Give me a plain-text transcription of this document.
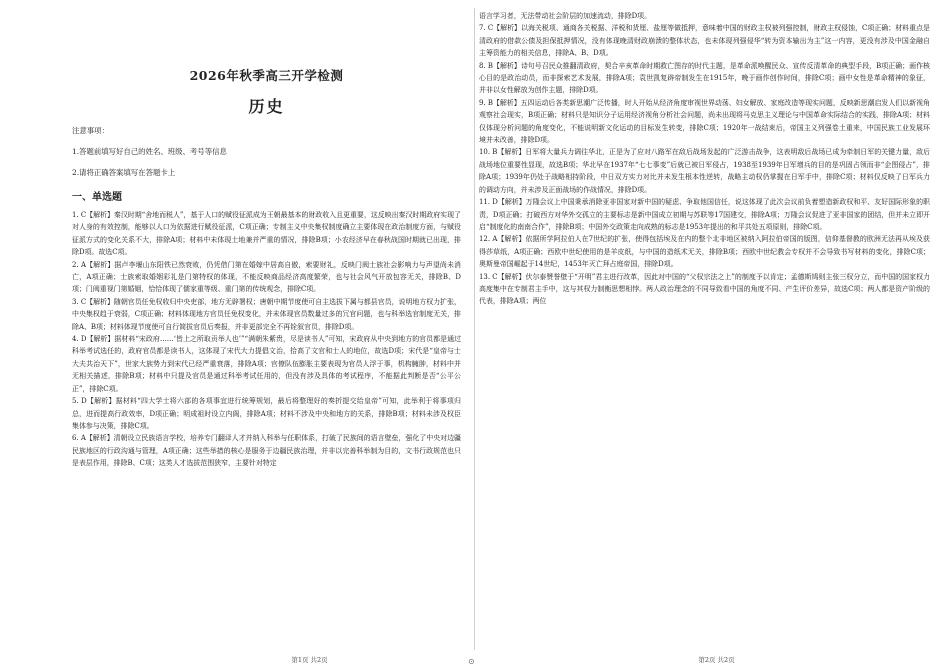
2026年秋季高三开学检测
历史

注意事项：

1.答题前填写好自己的姓名、班级、考号等信息

2.请将正确答案填写在答题卡上

一、单选题

1. C【解析】秦汉时期“舍地而税人”，基于人口的赋役征派成为王朝最基本的财政收入且更重要，这反映出秦汉时期政府实现了对人身的有效控制，能够以人口为依据进行赋役征派，C项正确；专制主义中央集权制度确立主要体现在政治制度方面，与赋役征派方式的变化关系不大，排除A项；材料中未体现土地兼并严重的情况，排除B项；小农经济早在春秋战国时期就已出现，排除D项。故选C项。

2. A【解析】据卢李堰山东阳铁已然衰败，仍凭借门第在婚嫁中居高自傲，索要财礼，反映门阀士族社会影响力与声望尚未消亡，A项正确；士族索取婚姻彩礼是门第特权的体现，不能反映商品经济高度繁荣，也与社会风气开放包容无关，排除B、D项；门阀重视门第婚姻，恰恰体现了儒家重等级、重门第的传统观念，排除C项。

3. C【解析】随朝官员任免权收归中央吏部，地方无辟署权；唐朝中期节度使可自主选拔下属与都县官员，说明地方权力扩张，中央集权趋于衰弱，C项正确；材料体现地方官员任免权变化，并未体现官员数量过多的冗官问题，也与科举选官制度无关，排除A、B项；材料体现节度使可自行简拔官员后奏报，并非更部完全不再铨叙官员，排除D项。

4. D【解析】据材料“宋政府……‘皆上之所取贡举人也’”“满朝朱紫贵，尽是读书人”可知，宋政府从中央到地方的官员都是通过科举考试选任的，政府官员都是读书人，这体现了宋代大力提倡文治，拾高了文官和士人的地位，故选D项；宋代是“皇帝与士大夫共治天下”，世家大族势力到宋代已经严重衰落，排除A项；官僚队伍膨胀主要表现为官员人浮于事，机构臃肿，材料中并无相关描述，排除B项；材料中只提及官员是通过科举考试任用的，但没有涉及具体的考试程序，不能据此判断是否“公平公正”，排除C项。

5. D【解析】据材料“四大学士将六部的各项事宜进行统筹规划，最后将整理好的奏折提交给皇帝”可知，此举利于将事项归总，进而提高行政效率，D项正确；明成祖时设立内阁，排除A项；材料不涉及中央和地方的关系，排除B项；材料未涉及权臣集体参与决策，排除C项。

6. A【解析】清朝设立民族语言学校，培养专门翻译人才并纳入科举与任职体系，打破了民族间的语言壁垒，强化了中央对边疆民族地区的行政沟通与管理，A项正确；这些举措的核心是服务于边疆民族治理，并非以完善科举制为目的，文书行政规范也只是表层作用，排除B、C项；这类人才选拔范围狭窄，主要针对特定

第1页 共2页	⊙

语言学习者，无法带动社会阶层的加速流动，排除D项。

7. C【解析】以海关税项、通商各关税据、洋税和货厘、盐厘等做抵押，意味着中国的财政主权被列强控制，财政主权侵蚀，C项正确；材料重点是清政府的借款公债及担保抵押情况，没有体现晚清财政崩溃的整体状态，也未体现列强侵华“转为资本输出为主”这一内容，更没有涉及中国金融自主筹资能力的相关信息，排除A、B、D项。

8. B【解析】诗句号召民众推翻清政府，契合辛亥革命时期救亡图存的时代主题，是革命派唤醒民众、宣传反清革命的典型手段，B项正确；画作核心目的是政治动员，而非探索艺术发展，排除A项；袁世凯复辟帝制发生在1915年，晚于画作创作时间，排除C项；画中女性是革命精神的象征，并非以女性解放为创作主题，排除D项。

9. B【解析】五四运动后各类新思潮广泛传播，时人开始从经济角度审视世界动荡、妇女解放、家庭改造等现实问题，反映新思潮启发人们以新视角观察社会现实，B项正确；材料只是知识分子运用经济视角分析社会问题，尚未出现将马克思主义理论与中国革命实际结合的实践，排除A项；材料仅体现分析问题的角度变化，不能说明新文化运动的目标发生转变，排除C项；1920年一战结束后，帝国主义列强卷土重来，中国民族工业发展环境并未改善，排除D项。

10. B【解析】日军将大量兵力调往华北，正是为了应对八路军在敌后战场发起的广泛游击战争，这表明敌后战场已成为牵制日军的关键力量，敌后战场地位重要性显现，故选B项；华北早在1937年“七七事变”后就已被日军侵占，1938至1939年日军增兵的目的是巩固占领而非“企图侵占”，排除A项；1939年仍处于战略相持阶段，中日双方实力对比并未发生根本性逆转，战略主动权仍掌握在日军手中，排除C项；材料仅反映了日军兵力的调动方向，并未涉及正面战场的作战情况，排除D项。

11. D【解析】万隆会议上中国秉承消除亚非国家对新中国的疑虑、争取他国信任，说这体现了此次会议前负着塑造新政权和平、友好国际形象的职责，D项正确；打破西方对华外交孤立的主要标志是新中国成立初期与苏联等17国建交，排除A项；万隆会议促进了亚非国家的团结，但并未立即开启“制度化的南南合作”，排除B项；中国外交政策走向成熟的标志是1953年提出的和平共处五项原则，排除C项。

12. A【解析】依据所学阿拉伯人在7世纪的扩张，使得包括埃及在内的整个北非地区被纳入阿拉伯帝国的版图，信仰基督教的欧洲无法再从埃及获得莎草纸，A项正确；西欧中世纪使用的是羊皮纸，与中国的造纸术无关，排除B项；西欧中世纪教会专权并不会导致书写材料的变化，排除C项；奥斯曼帝国崛起于14世纪，1453年灭亡拜占庭帝国，排除D项。

13. C【解析】伏尔泰赞誉壁于“开明”君主进行改革，因此对中国的“父权宗法之上”的制度予以肯定；孟德斯鸠则主张三权分立，而中国的国家权力高度集中在专制君主手中，这与其权力制衡思想相悖。两人政治理念的不同导致看中国的角度不同、产生评价差异，故选C项；两人都是资产阶级的代表，排除A项；两位

第2页 共2页
